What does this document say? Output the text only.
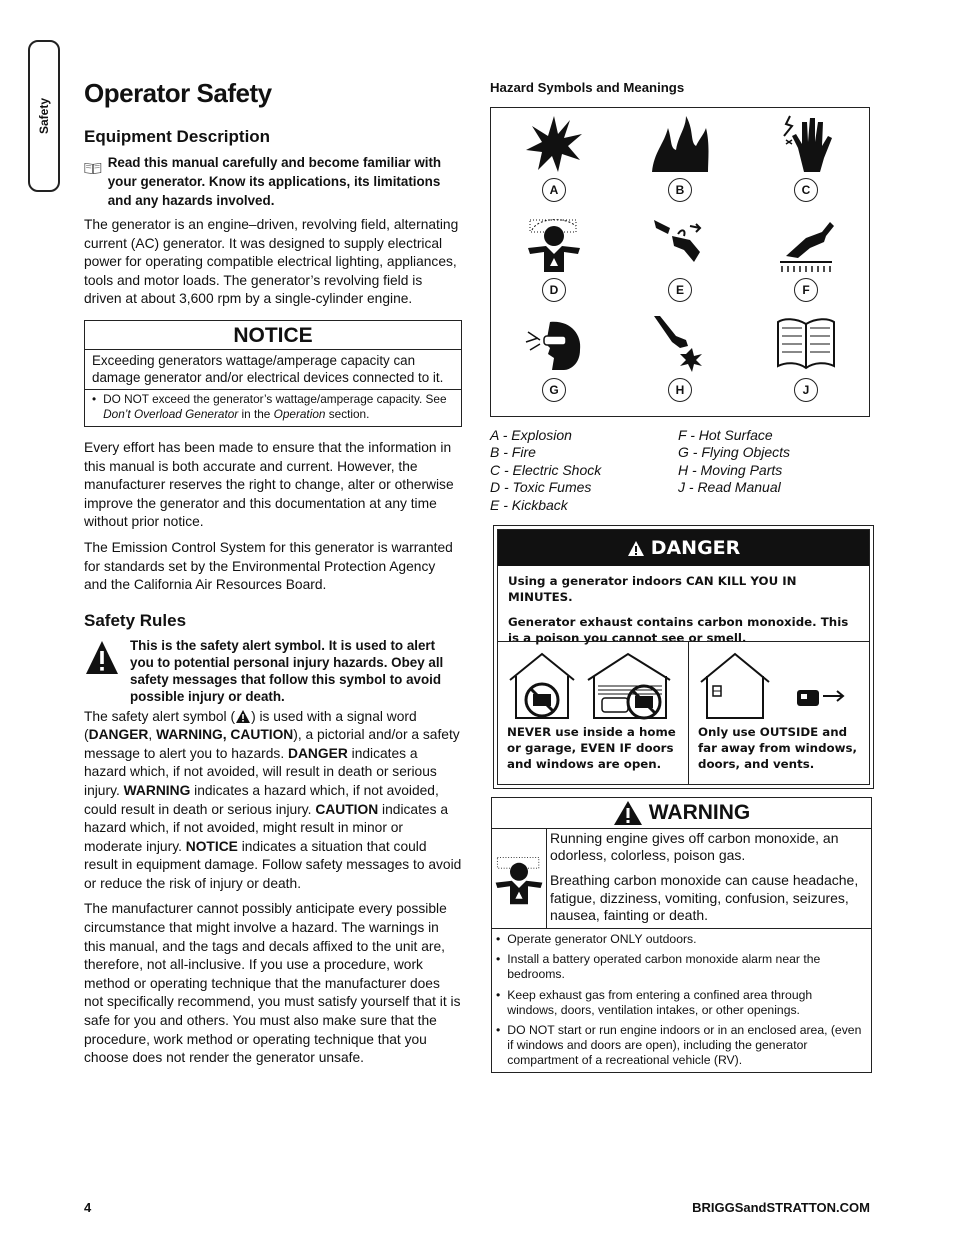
Safety
Operator Safety
Equipment Description
Read this manual carefully and become familiar with your generator. Know its applications, its limitations and any hazards involved.

The generator is an engine–driven, revolving field, alternating current (AC) generator. It was designed to supply electrical power for operating compatible electrical lighting, appliances, tools and motor loads. The generator’s revolving field is driven at about 3,600 rpm by a single-cylinder engine.

NOTICE
Exceeding generators wattage/amperage capacity can damage generator and/or electrical devices connected to it.
• DO NOT exceed the generator’s wattage/amperage capacity. See Don’t Overload Generator in the Operation section.

Every effort has been made to ensure that the information in this manual is both accurate and current. However, the manufacturer reserves the right to change, alter or otherwise improve the generator and this documentation at any time without prior notice.

The Emission Control System for this generator is warranted for standards set by the Environmental Protection Agency and the California Air Resources Board.

Safety Rules
This is the safety alert symbol. It is used to alert you to potential personal injury hazards. Obey all safety messages that follow this symbol to avoid possible injury or death.

The safety alert symbol ( ) is used with a signal word (DANGER, WARNING, CAUTION), a pictorial and/or a safety message to alert you to hazards. DANGER indicates a hazard which, if not avoided, will result in death or serious injury. WARNING indicates a hazard which, if not avoided, could result in death or serious injury. CAUTION indicates a hazard which, if not avoided, might result in minor or moderate injury. NOTICE indicates a situation that could result in equipment damage. Follow safety messages to avoid or reduce the risk of injury or death.

The manufacturer cannot possibly anticipate every possible circumstance that might involve a hazard. The warnings in this manual, and the tags and decals affixed to the unit are, therefore, not all-inclusive. If you use a procedure, work method or operating technique that the manufacturer does not specifically recommend, you must satisfy yourself that it is safe for you and others. You must also make sure that the procedure, work method or operating technique that you choose does not render the generator unsafe.

Hazard Symbols and Meanings
A	B	C
D	E	F
G	H	J
A - Explosion
B - Fire
C - Electric Shock
D - Toxic Fumes
E - Kickback
F - Hot Surface
G - Flying Objects
H - Moving Parts
J - Read Manual
DANGER
Using a generator indoors CAN KILL YOU IN MINUTES.
Generator exhaust contains carbon monoxide. This is a poison you cannot see or smell.
NEVER use inside a home or garage, EVEN IF doors and windows are open.
Only use OUTSIDE and far away from windows, doors, and vents.
WARNING

Running engine gives off carbon monoxide, an odorless, colorless, poison gas.

Breathing carbon monoxide can cause headache, fatigue, dizziness, vomiting, confusion, seizures, nausea, fainting or death.

• Operate generator ONLY outdoors.
• Install a battery operated carbon monoxide alarm near the bedrooms.
• Keep exhaust gas from entering a confined area through windows, doors, ventilation intakes, or other openings.
• DO NOT start or run engine indoors or in an enclosed area, (even if windows and doors are open), including the generator compartment of a recreational vehicle (RV).
4	BRIGGSandSTRATTON.COM
